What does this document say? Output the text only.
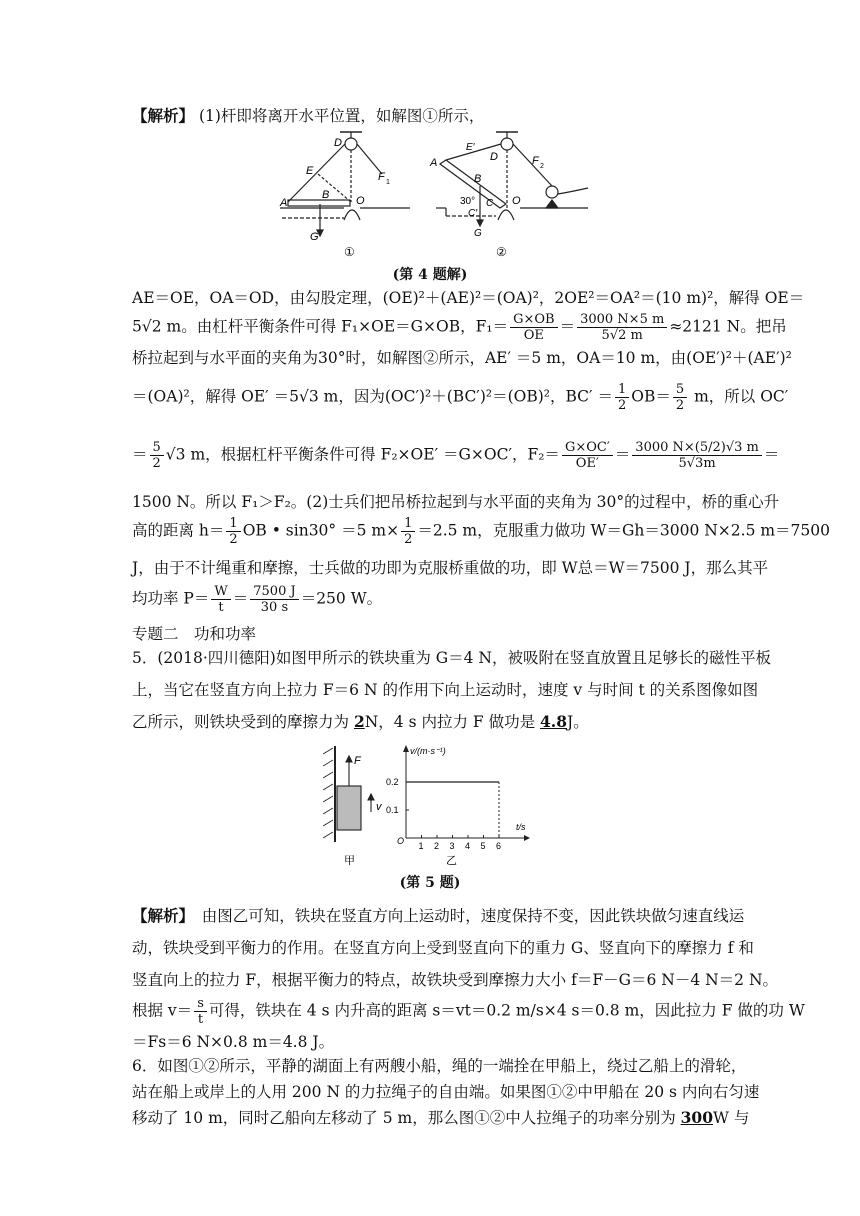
【解析】 (1)杆即将离开水平位置，如解图①所示，
A
B
E
D
O
F 1
G
①
A
E′
D
B
C
C′
30°	O
G
F 2
②
(第 4 题解)
AE＝OE，OA＝OD，由勾股定理，(OE)²＋(AE)²＝(OA)²，2OE²＝OA²＝(10 m)²，解得 OE＝
5√2 m。由杠杆平衡条件可得 F₁×OE＝G×OB，$F_1= \frac{G\times OB}{OE} = \frac{3000 N\times 5 m}{5√2 m} \approx 2121$ N。把吊
桥拉起到与水平面的夹角为30°时，如解图②所示，AE′ ＝5 m，OA＝10 m，由(OE′)²＋(AE′)²
＝(OA)²，解得 OE′ ＝5√3 m，因为(OC′)²＋(BC′)²＝(OB)²，$BC' = \frac{1}{2} OB= \frac{5}{2}$ m，所以 OC′
＝ $\frac{5}{2} √3$ m，根据杠杆平衡条件可得 F₂×OE′ ＝G×OC′，$F_2= \frac{G\times OC'}{OE'} = \frac{3000 N\times(5/2)√3 m}{5√3m}$ ＝
1500 N。所以 F₁＞F₂。(2)士兵们把吊桥拉起到与水平面的夹角为 30°的过程中，桥的重心升
高的距离 $h= \frac{1}{2}$ OB • sin30° ＝5 $m\times \frac{1}{2} =2.5$ m，克服重力做功 W＝Gh＝3000 N×2.5 m＝7500
J，由于不计绳重和摩擦，士兵做的功即为克服桥重做的功，即 W总＝W＝7500 J，那么其平
均功率 $P= \frac{W}{t} = \frac{7500 J}{30 s} =250$ W。
专题二　功和功率
5．(2018·四川德阳)如图甲所示的铁块重为 G＝4 N，被吸附在竖直放置且足够长的磁性平板
上，当它在竖直方向上拉力 F＝6 N 的作用下向上运动时，速度 v 与时间 t 的关系图像如图
乙所示，则铁块受到的摩擦力为 2N，4 s 内拉力 F 做功是 4.8J。
F
v
甲	乙
v/(m·s⁻¹)
t/s
O 1 2 3 4 5 6
0.1
0.2
(第 5 题)
【解析】　由图乙可知，铁块在竖直方向上运动时，速度保持不变，因此铁块做匀速直线运
动，铁块受到平衡力的作用。在竖直方向上受到竖直向下的重力 G、竖直向下的摩擦力 f 和
竖直向上的拉力 F，根据平衡力的特点，故铁块受到摩擦力大小 f＝F－G＝6 N－4 N＝2 N。
根据 $v= \frac{s}{t}$ 可得，铁块在 4 s 内升高的距离 s＝vt＝0.2 m/s×4 s＝0.8 m，因此拉力 F 做的功 W
＝Fs＝6 N×0.8 m＝4.8 J。
6．如图①②所示，平静的湖面上有两艘小船，绳的一端拴在甲船上，绕过乙船上的滑轮，
站在船上或岸上的人用 200 N 的力拉绳子的自由端。如果图①②中甲船在 20 s 内向右匀速
移动了 10 m，同时乙船向左移动了 5 m，那么图①②中人拉绳子的功率分别为 300W 与
